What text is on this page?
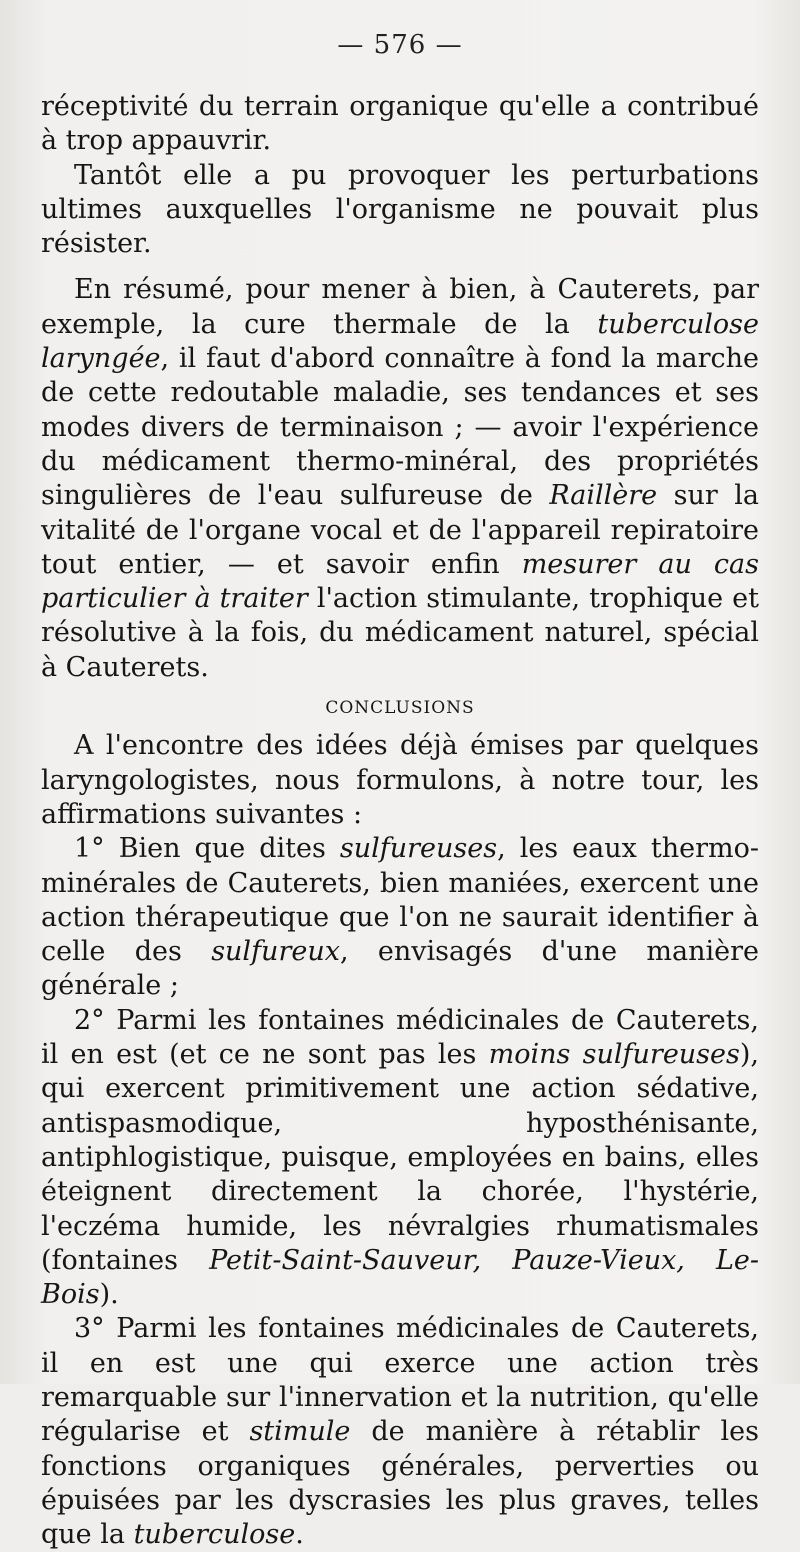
— 576 —

réceptivité du terrain organique qu'elle a contribué à trop appauvrir.

Tantôt elle a pu provoquer les perturbations ultimes auxquelles l'organisme ne pouvait plus résister.

En résumé, pour mener à bien, à Cauterets, par exemple, la cure thermale de la tuberculose laryngée, il faut d'abord connaître à fond la marche de cette redoutable maladie, ses tendances et ses modes divers de terminaison ; — avoir l'expérience du médicament thermo-minéral, des propriétés singulières de l'eau sulfureuse de Raillère sur la vitalité de l'organe vocal et de l'appareil repiratoire tout entier, — et savoir enfin mesurer au cas particulier à traiter l'action stimulante, trophique et résolutive à la fois, du médicament naturel, spécial à Cauterets.

CONCLUSIONS

A l'encontre des idées déjà émises par quelques laryngologistes, nous formulons, à notre tour, les affirmations suivantes :

1° Bien que dites sulfureuses, les eaux thermo-minérales de Cauterets, bien maniées, exercent une action thérapeutique que l'on ne saurait identifier à celle des sulfureux, envisagés d'une manière générale ;

2° Parmi les fontaines médicinales de Cauterets, il en est (et ce ne sont pas les moins sulfureuses), qui exercent primitivement une action sédative, antispasmodique, hyposthénisante, antiphlogistique, puisque, employées en bains, elles éteignent directement la chorée, l'hystérie, l'eczéma humide, les névralgies rhumatismales (fontaines Petit-Saint-Sauveur, Pauze-Vieux, Le-Bois).

3° Parmi les fontaines médicinales de Cauterets, il en est une qui exerce une action très remarquable sur l'innervation et la nutrition, qu'elle régularise et stimule de manière à rétablir les fonctions organiques générales, perverties ou épuisées par les dyscrasies les plus graves, telles que la tuberculose.
